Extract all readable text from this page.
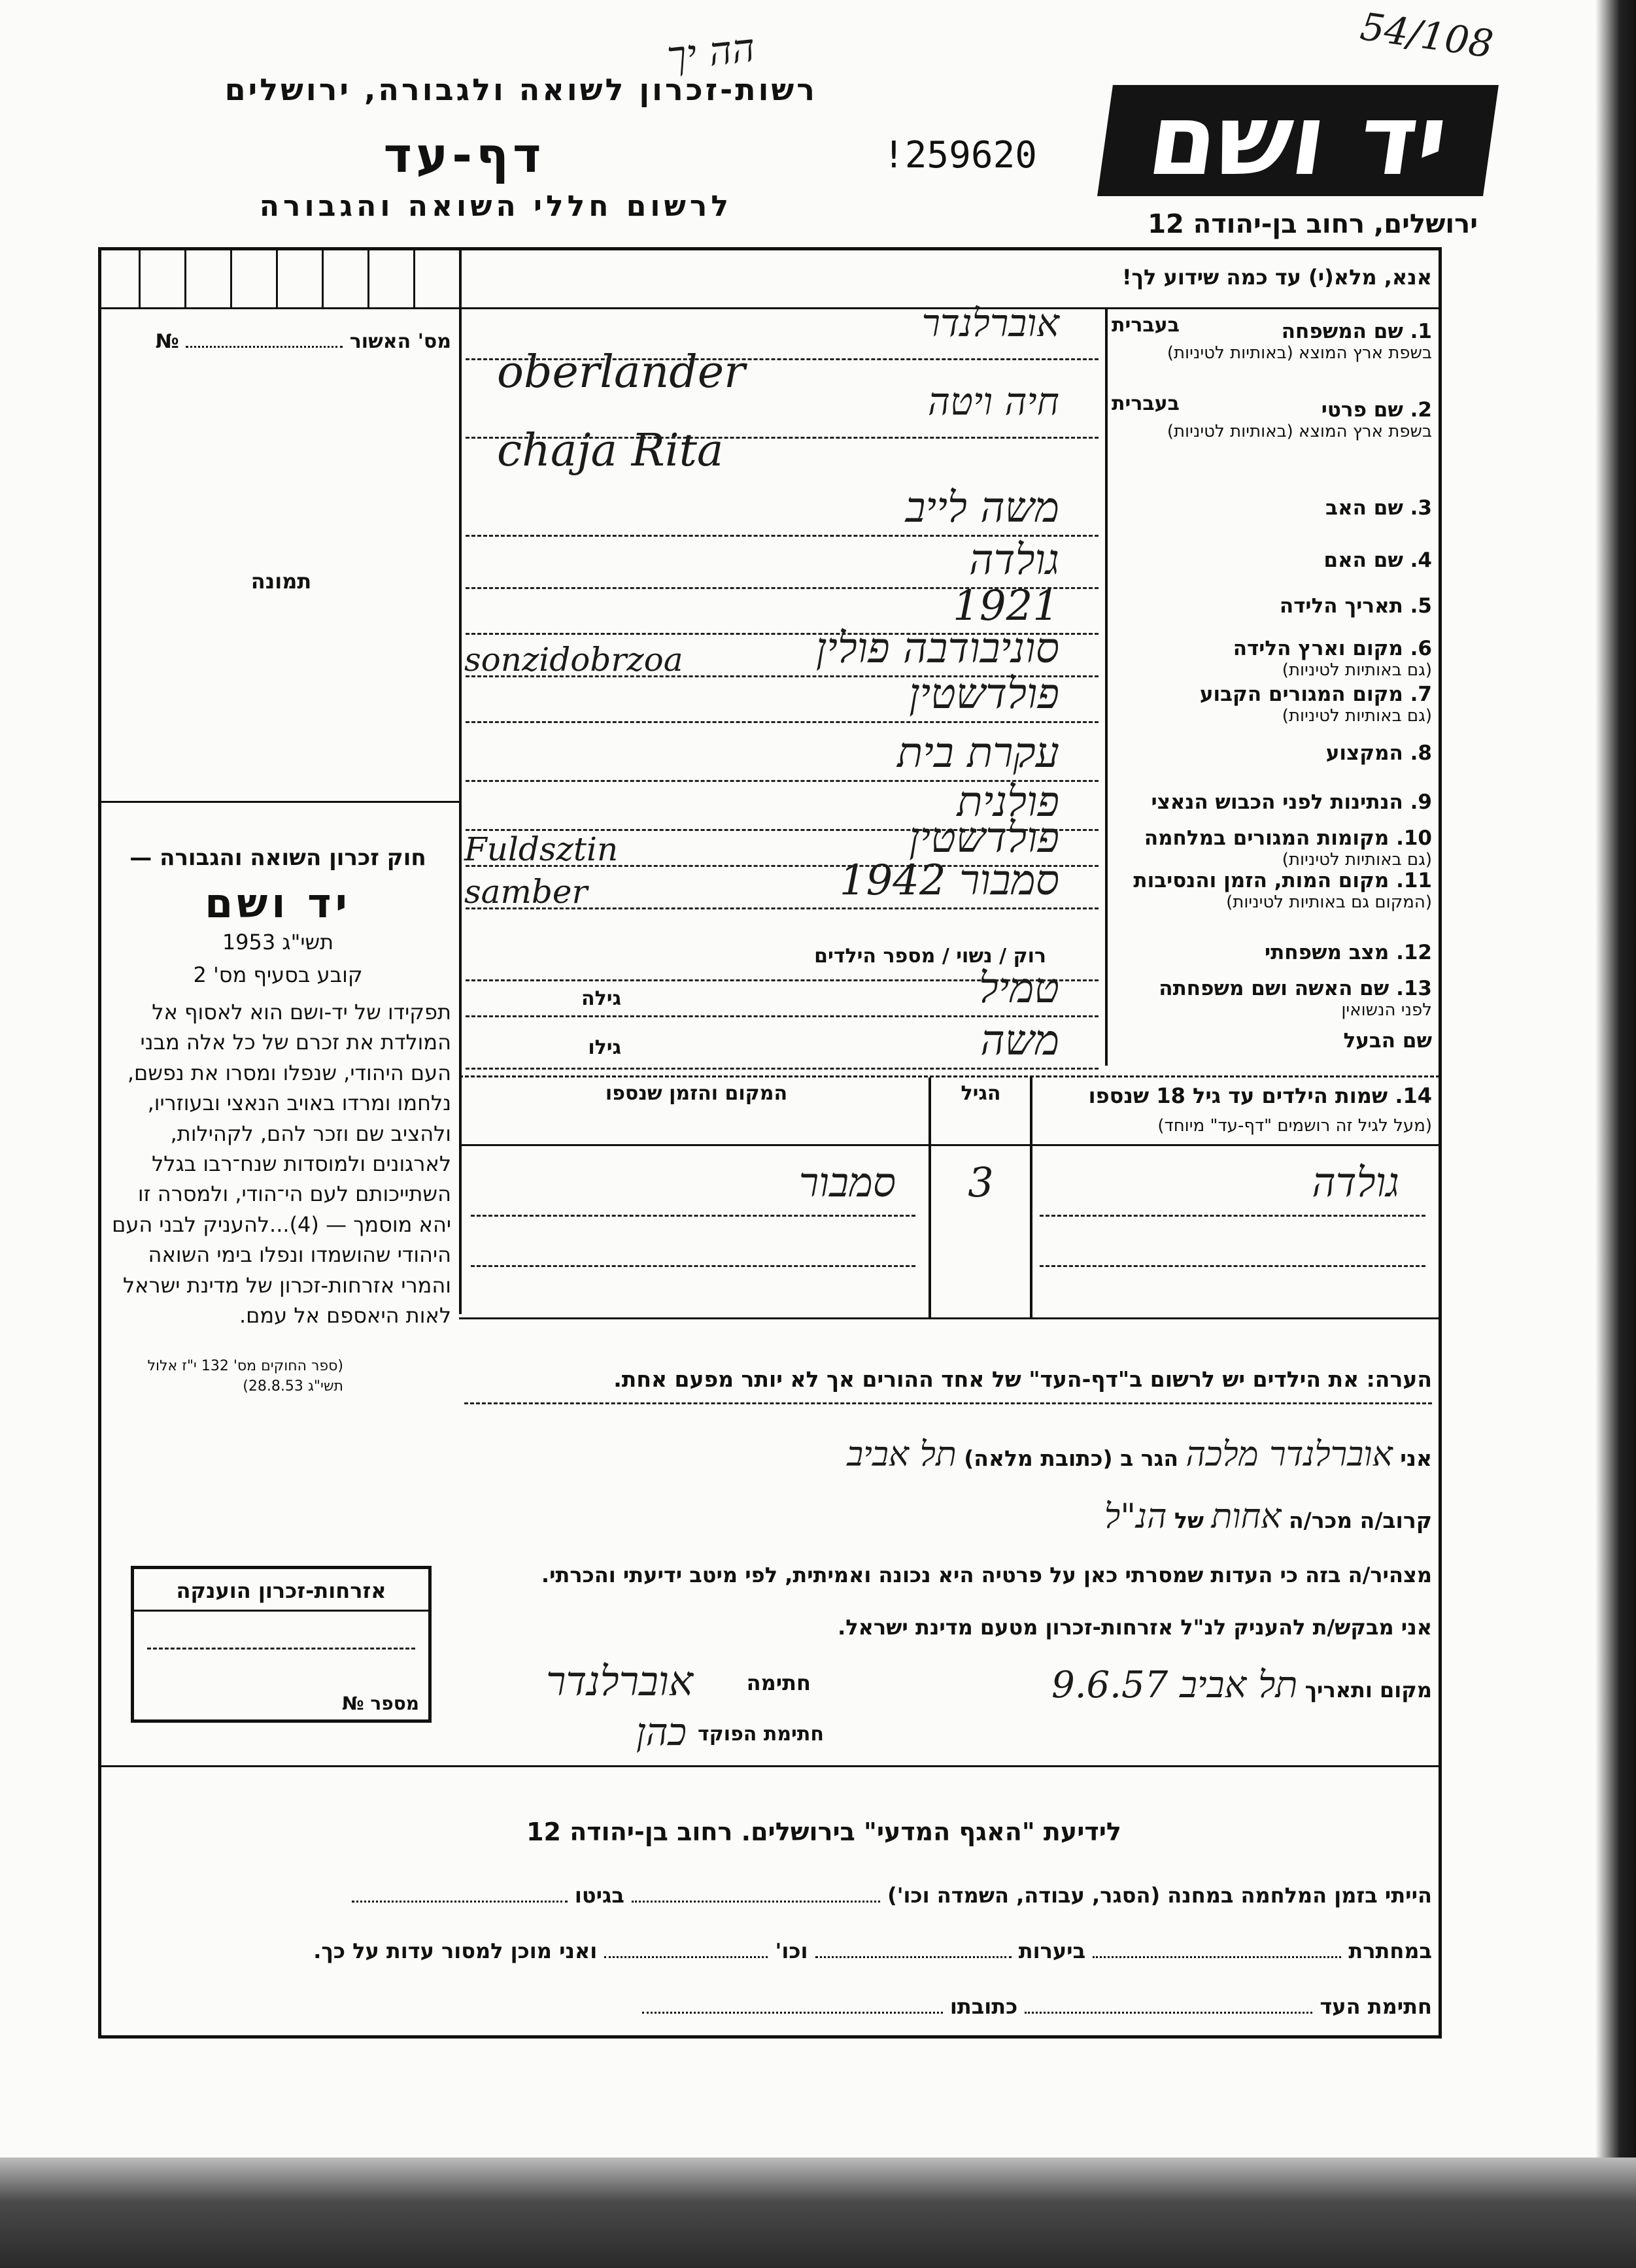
הה יך	54/108
רשות-זכרון לשואה ולגבורה, ירושלים
דף-עד	!259620
לרשום חללי השואה והגבורה
יד ושם
ירושלים, רחוב בן-יהודה 12
אנא, מלא(י) עד כמה שידוע לך!
מס' האשור  №
תמונה
חוק זכרון השואה והגבורה —
יד ושם
תשי"ג 1953
קובע בסעיף מס' 2
תפקידו של יד-ושם הוא לאסוף אל המולדת את זכרם של כל אלה מבני העם היהודי, שנפלו ומסרו את נפשם, נלחמו ומרדו באויב הנאצי ובעוזריו, ולהציב שם וזכר להם, לקהילות, לארגונים ולמוסדות שנח־רבו בגלל השתייכותם לעם הי־הודי, ולמסרה זו יהא מוסמך — (4)...להעניק לבני העם היהודי שהושמדו ונפלו בימי השואה והמרי אזרחות-זכרון של מדינת ישראל לאות היאספם אל עמם.
(ספר החוקים מס' 132 י"ז אלול תשי"ג 28.8.53)
1. שם המשפחה
בשפת ארץ המוצא (באותיות לטיניות)
בעברית
אוברלנדר
oberlander
2. שם פרטי
בשפת ארץ המוצא (באותיות לטיניות)
בעברית
חיה ויטה
chaja Rita
3. שם האב
משה לייב
4. שם האם
גולדה
5. תאריך הלידה
1921
6. מקום וארץ הלידה
(גם באותיות לטיניות)
סוניבודבה פולין
sonzidobrzoa
7. מקום המגורים הקבוע
(גם באותיות לטיניות)
פולדשטין
8. המקצוע
עקרת בית
9. הנתינות לפני הכבוש הנאצי
פולנית
10. מקומות המגורים במלחמה
(גם באותיות לטיניות)
פולדשטין
Fuldsztin
11. מקום המות, הזמן והנסיבות
(המקום גם באותיות לטיניות)
סמבור 1942
samber
12. מצב משפחתי
13. שם האשה ושם משפחתה
לפני הנשואין
טמיל
שם הבעל
משה
רוק / נשוי / מספר הילדים
גילה
גילו
14. שמות הילדים עד גיל 18 שנספו
(מעל לגיל זה רושמים "דף-עד" מיוחד)
הגיל
המקום והזמן שנספו
גולדה
3
סמבור
הערה: את הילדים יש לרשום ב"דף-העד" של אחד ההורים אך לא יותר מפעם אחת.
אני אוברלנדר מלכה הגר ב (כתובת מלאה) תל אביב
קרוב/ה מכר/ה אחות של הנ"ל
מצהיר/ה בזה כי העדות שמסרתי כאן על פרטיה היא נכונה ואמיתית, לפי מיטב ידיעתי והכרתי.
אני מבקש/ת להעניק לנ"ל אזרחות-זכרון מטעם מדינת ישראל.
מקום ותאריך תל אביב 9.6.57
חתימה
אוברלנדר
חתימת הפוקד
כהן
אזרחות-זכרון הוענקה
מספר №
לידיעת "האגף המדעי" בירושלים. רחוב בן-יהודה 12
הייתי בזמן המלחמה במחנה (הסגר, עבודה, השמדה וכו')  בגיטו
במחתרת  ביערות  וכו'  ואני מוכן למסור עדות על כך.
חתימת העד  כתובתו
